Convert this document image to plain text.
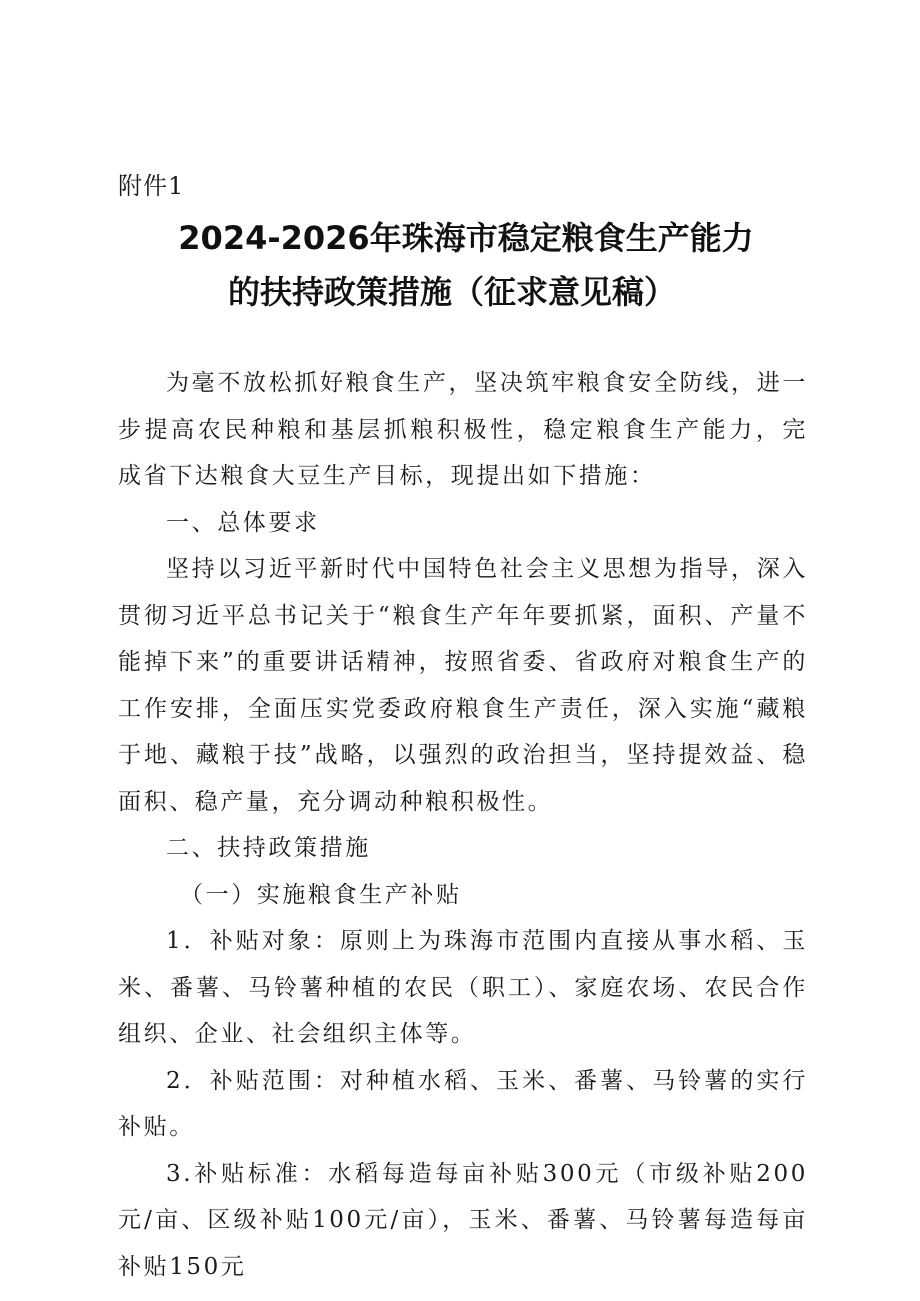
附件1
2024-2026年珠海市稳定粮食生产能力
的扶持政策措施（征求意见稿）

为毫不放松抓好粮食生产，坚决筑牢粮食安全防线，进一步提高农民种粮和基层抓粮积极性，稳定粮食生产能力，完成省下达粮食大豆生产目标，现提出如下措施：

一、总体要求

坚持以习近平新时代中国特色社会主义思想为指导，深入贯彻习近平总书记关于“粮食生产年年要抓紧，面积、产量不能掉下来”的重要讲话精神，按照省委、省政府对粮食生产的工作安排，全面压实党委政府粮食生产责任，深入实施“藏粮于地、藏粮于技”战略，以强烈的政治担当，坚持提效益、稳面积、稳产量，充分调动种粮积极性。

二、扶持政策措施

（一）实施粮食生产补贴

1．补贴对象：原则上为珠海市范围内直接从事水稻、玉米、番薯、马铃薯种植的农民（职工）、家庭农场、农民合作组织、企业、社会组织主体等。

2．补贴范围：对种植水稻、玉米、番薯、马铃薯的实行补贴。

3.补贴标准：水稻每造每亩补贴300元（市级补贴200元/亩、区级补贴100元/亩），玉米、番薯、马铃薯每造每亩补贴150元
